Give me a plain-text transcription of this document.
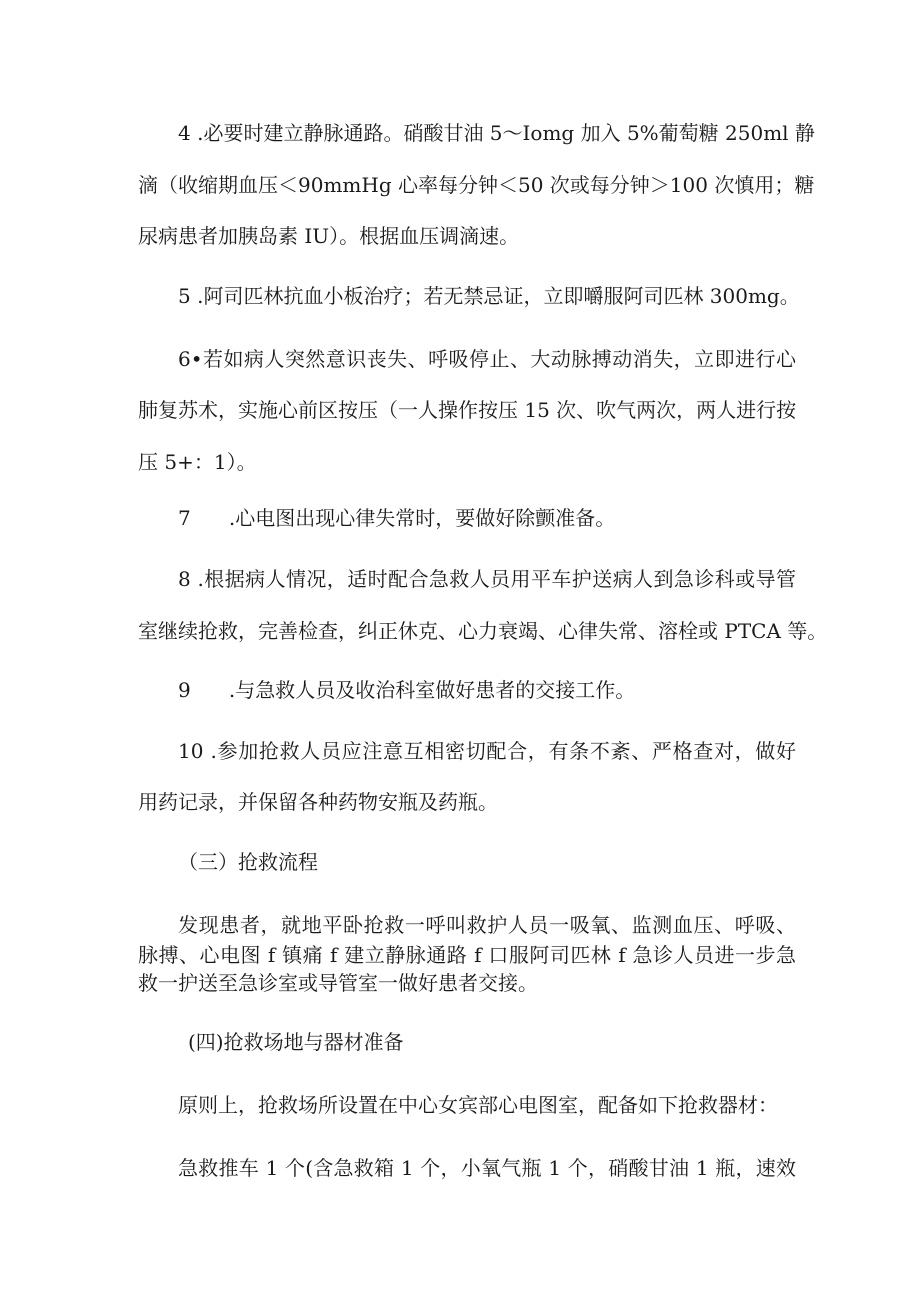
4 .必要时建立静脉通路。硝酸甘油 5～Iomg 加入 5%葡萄糖 250ml 静
滴（收缩期血压＜90mmHg 心率每分钟＜50 次或每分钟＞100 次慎用；糖
尿病患者加胰岛素 IU）。根据血压调滴速。
5 .阿司匹林抗血小板治疗；若无禁忌证，立即嚼服阿司匹林 300mg。
6•若如病人突然意识丧失、呼吸停止、大动脉搏动消失，立即进行心
肺复苏术，实施心前区按压（一人操作按压 15 次、吹气两次，两人进行按
压 5+：1）。
7      .心电图出现心律失常时，要做好除颤准备。
8 .根据病人情况，适时配合急救人员用平车护送病人到急诊科或导管
室继续抢救，完善检查，纠正休克、心力衰竭、心律失常、溶栓或 PTCA 等。
9      .与急救人员及收治科室做好患者的交接工作。
10 .参加抢救人员应注意互相密切配合，有条不紊、严格查对，做好
用药记录，并保留各种药物安瓶及药瓶。
（三）抢救流程
发现患者，就地平卧抢救一呼叫救护人员一吸氧、监测血压、呼吸、
脉搏、心电图 f 镇痛 f 建立静脉通路 f 口服阿司匹林 f 急诊人员进一步急
救一护送至急诊室或导管室一做好患者交接。
(四)抢救场地与器材准备
原则上，抢救场所设置在中心女宾部心电图室，配备如下抢救器材：
急救推车 1 个(含急救箱 1 个，小氧气瓶 1 个，硝酸甘油 1 瓶，速效
